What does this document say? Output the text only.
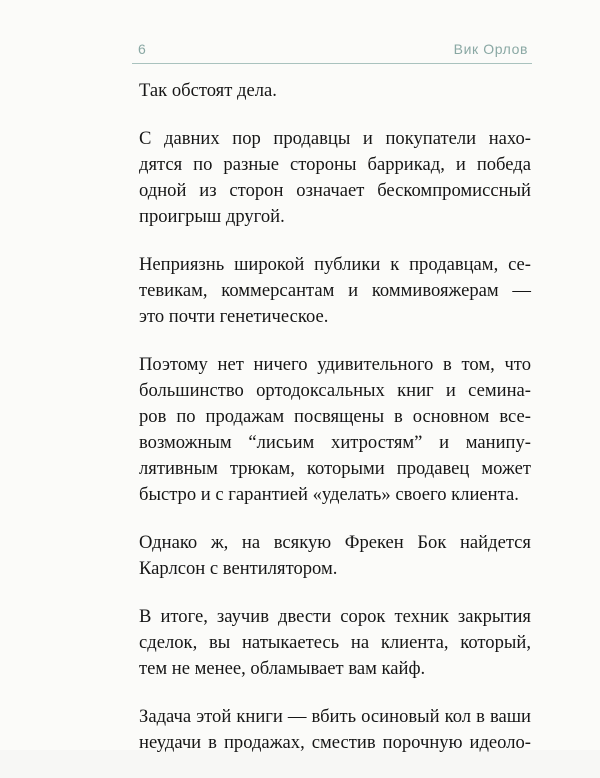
6	Вик Орлов
Так обстоят дела.
С давних пор продавцы и покупатели нахо-
дятся по разные стороны баррикад, и победа
одной из сторон означает бескомпромиссный
проигрыш другой.
Неприязнь широкой публики к продавцам, се-
тевикам, коммерсантам и коммивояжерам —
это почти генетическое.
Поэтому нет ничего удивительного в том, что
большинство ортодоксальных книг и семина-
ров по продажам посвящены в основном все-
возможным “лисьим хитростям” и манипу-
лятивным трюкам, которыми продавец может
быстро и с гарантией «уделать» своего клиента.
Однако ж, на всякую Фрекен Бок найдется
Карлсон с вентилятором.
В итоге, заучив двести сорок техник закрытия
сделок, вы натыкаетесь на клиента, который,
тем не менее, обламывает вам кайф.
Задача этой книги — вбить осиновый кол в ваши
неудачи в продажах, сместив порочную идеоло-
